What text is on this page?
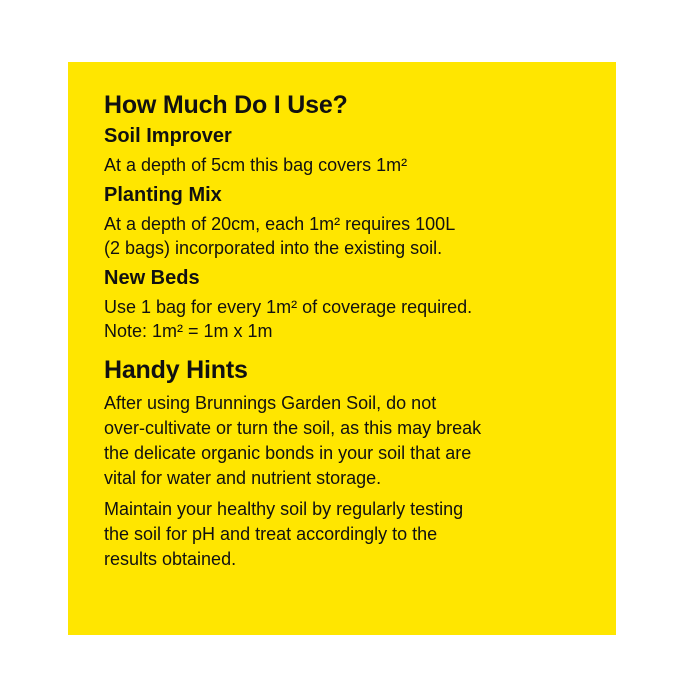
How Much Do I Use?
Soil Improver
At a depth of 5cm this bag covers 1m²
Planting Mix
At a depth of 20cm, each 1m² requires 100L
(2 bags) incorporated into the existing soil.
New Beds
Use 1 bag for every 1m² of coverage required.
Note: 1m² = 1m x 1m
Handy Hints
After using Brunnings Garden Soil, do not
over-cultivate or turn the soil, as this may break
the delicate organic bonds in your soil that are
vital for water and nutrient storage.
Maintain your healthy soil by regularly testing
the soil for pH and treat accordingly to the
results obtained.
